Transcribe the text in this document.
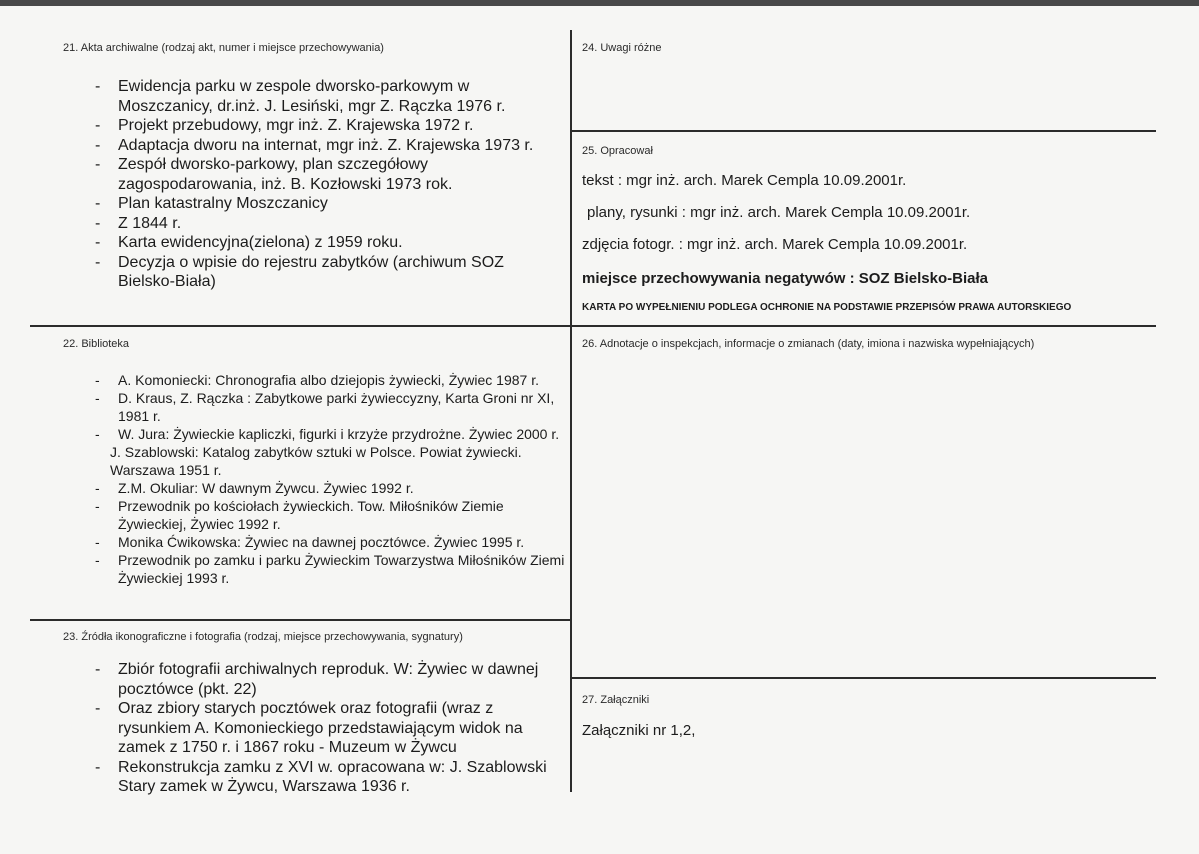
21. Akta archiwalne (rodzaj akt, numer i miejsce przechowywania)
- Ewidencja parku w zespole dworsko-parkowym w Moszczanicy, dr.inż. J. Lesiński, mgr Z. Rączka 1976 r.
- Projekt przebudowy, mgr inż. Z. Krajewska 1972 r.
- Adaptacja dworu na internat, mgr inż. Z. Krajewska 1973 r.
- Zespół dworsko-parkowy, plan szczegółowy zagospodarowania, inż. B. Kozłowski 1973 rok.
- Plan katastralny Moszczanicy
- Z 1844 r.
- Karta ewidencyjna(zielona) z 1959 roku.
- Decyzja o wpisie do rejestru zabytków (archiwum SOZ Bielsko-Biała)
22. Biblioteka
- A. Komoniecki: Chronografia albo dziejopis żywiecki, Żywiec 1987 r.
- D. Kraus, Z. Rączka : Zabytkowe parki żywieccyzny, Karta Groni nr XI, 1981 r.
- W. Jura: Żywieckie kapliczki, figurki i krzyże przydrożne. Żywiec 2000 r.
J. Szablowski: Katalog zabytków sztuki w Polsce. Powiat żywiecki. Warszawa 1951 r.
- Z.M. Okuliar: W dawnym Żywcu. Żywiec 1992 r.
- Przewodnik po kościołach żywieckich. Tow. Miłośników Ziemie Żywieckiej, Żywiec 1992 r.
- Monika Ćwikowska: Żywiec na dawnej pocztówce. Żywiec 1995 r.
- Przewodnik po zamku i parku Żywieckim Towarzystwa Miłośników Ziemi Żywieckiej 1993 r.
23. Źródła ikonograficzne i fotografia (rodzaj, miejsce przechowywania, sygnatury)
- Zbiór fotografii archiwalnych reproduk. W: Żywiec w dawnej pocztówce (pkt. 22)
- Oraz zbiory starych pocztówek oraz fotografii (wraz z rysunkiem A. Komonieckiego przedstawiającym widok na zamek z 1750 r. i 1867 roku - Muzeum w Żywcu
- Rekonstrukcja zamku z XVI w. opracowana w: J. Szablowski Stary zamek w Żywcu, Warszawa 1936 r.
24. Uwagi różne
25. Opracował
tekst : mgr inż. arch. Marek Cempla 10.09.2001r.
plany, rysunki : mgr inż. arch. Marek Cempla 10.09.2001r.
zdjęcia fotogr. : mgr inż. arch. Marek Cempla 10.09.2001r.
miejsce przechowywania negatywów : SOZ Bielsko-Biała
KARTA PO WYPEŁNIENIU PODLEGA OCHRONIE NA PODSTAWIE PRZEPISÓW PRAWA AUTORSKIEGO
26. Adnotacje o inspekcjach, informacje o zmianach (daty, imiona i nazwiska wypełniających)
27. Załączniki
Załączniki nr 1,2,
